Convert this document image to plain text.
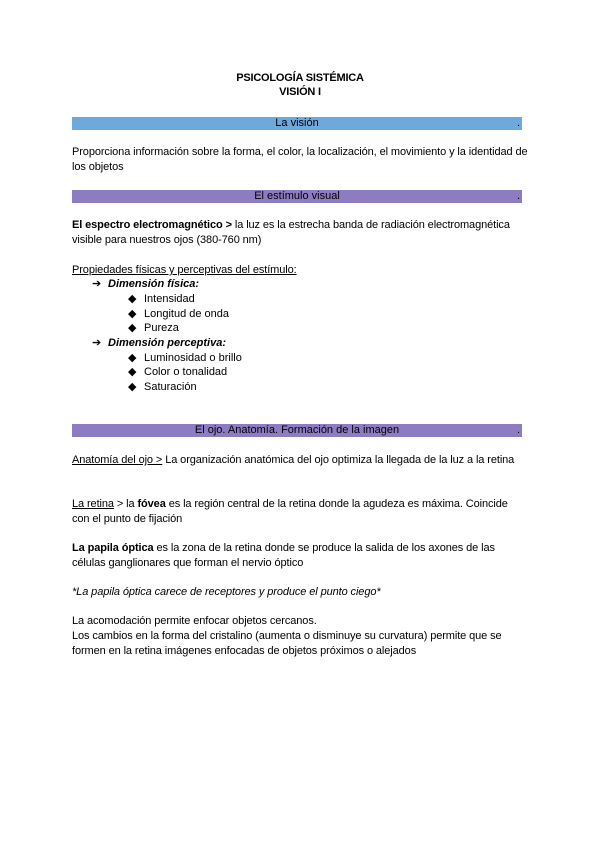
PSICOLOGÍA SISTÉMICA
VISIÓN I
La visión	.
Proporciona información sobre la forma, el color, la localización, el movimiento y la identidad de los objetos
El estímulo visual	.
El espectro electromagnético > la luz es la estrecha banda de radiación electromagnética visible para nuestros ojos (380-760 nm)
Propiedades físicas y perceptivas del estímulo:
➔ Dimensión física:
◆ Intensidad
◆ Longitud de onda
◆ Pureza
➔ Dimensión perceptiva:
◆ Luminosidad o brillo
◆ Color o tonalidad
◆ Saturación
El ojo. Anatomía. Formación de la imagen	.
Anatomía del ojo > La organización anatómica del ojo optimiza la llegada de la luz a la retina
La retina > la fóvea es la región central de la retina donde la agudeza es máxima. Coincide con el punto de fijación
La papila óptica es la zona de la retina donde se produce la salida de los axones de las células ganglionares que forman el nervio óptico
*La papila óptica carece de receptores y produce el punto ciego*
La acomodación permite enfocar objetos cercanos.
Los cambios en la forma del cristalino (aumenta o disminuye su curvatura) permite que se formen en la retina imágenes enfocadas de objetos próximos o alejados
